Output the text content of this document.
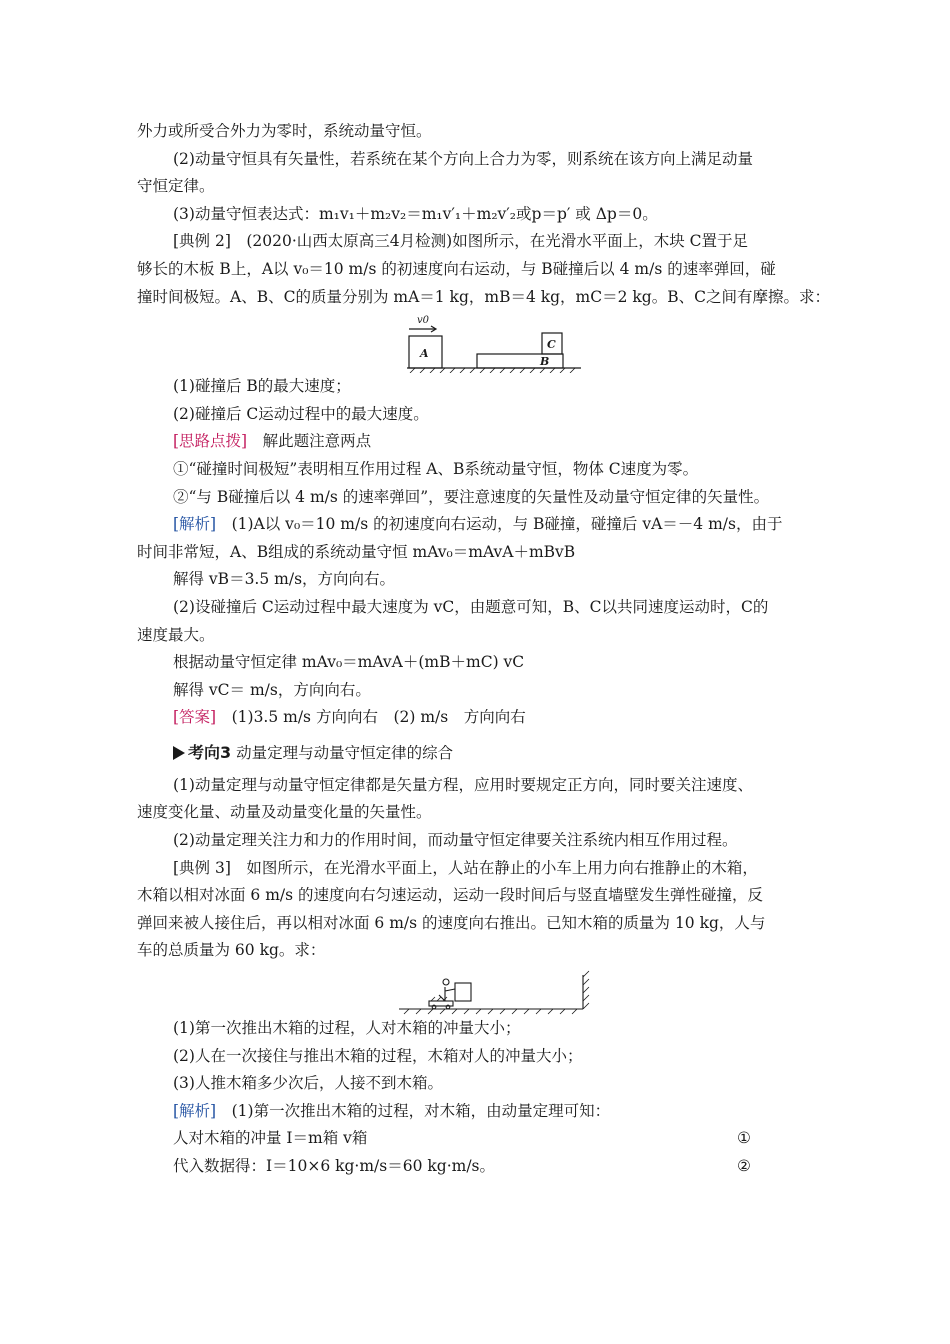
外力或所受合外力为零时，系统动量守恒。
(2)动量守恒具有矢量性，若系统在某个方向上合力为零，则系统在该方向上满足动量
守恒定律。
(3)动量守恒表达式：m₁v₁＋m₂v₂＝m₁v′₁＋m₂v′₂或p＝p′ 或 Δp＝0。
[典例 2]　(2020·山西太原高三4月检测)如图所示，在光滑水平面上，木块 C置于足
够长的木板 B上，A以 v₀＝10 m/s 的初速度向右运动，与 B碰撞后以 4 m/s 的速率弹回，碰
撞时间极短。A、B、C的质量分别为 mA＝1 kg，mB＝4 kg，mC＝2 kg。B、C之间有摩擦。求：
v0
A
B
C
(1)碰撞后 B的最大速度；
(2)碰撞后 C运动过程中的最大速度。
[思路点拨]　解此题注意两点
①“碰撞时间极短”表明相互作用过程 A、B系统动量守恒，物体 C速度为零。
②“与 B碰撞后以 4 m/s 的速率弹回”，要注意速度的矢量性及动量守恒定律的矢量性。
[解析]　(1)A以 v₀＝10 m/s 的初速度向右运动，与 B碰撞，碰撞后 vA＝－4 m/s，由于
时间非常短，A、B组成的系统动量守恒 mAv₀＝mAvA＋mBvB
解得 vB＝3.5 m/s，方向向右。
(2)设碰撞后 C运动过程中最大速度为 vC，由题意可知，B、C以共同速度运动时，C的
速度最大。
根据动量守恒定律 mAv₀＝mAvA＋(mB＋mC) vC
解得 vC＝ m/s，方向向右。
[答案]　(1)3.5 m/s 方向向右　(2) m/s　方向向右
考向3 动量定理与动量守恒定律的综合
(1)动量定理与动量守恒定律都是矢量方程，应用时要规定正方向，同时要关注速度、
速度变化量、动量及动量变化量的矢量性。
(2)动量定理关注力和力的作用时间，而动量守恒定律要关注系统内相互作用过程。
[典例 3]　如图所示，在光滑水平面上，人站在静止的小车上用力向右推静止的木箱，
木箱以相对冰面 6 m/s 的速度向右匀速运动，运动一段时间后与竖直墙壁发生弹性碰撞，反
弹回来被人接住后，再以相对冰面 6 m/s 的速度向右推出。已知木箱的质量为 10 kg，人与
车的总质量为 60 kg。求：
(1)第一次推出木箱的过程，人对木箱的冲量大小；
(2)人在一次接住与推出木箱的过程，木箱对人的冲量大小；
(3)人推木箱多少次后，人接不到木箱。
[解析]　(1)第一次推出木箱的过程，对木箱，由动量定理可知：
人对木箱的冲量 I＝m箱 v箱	①
代入数据得：I＝10×6 kg·m/s＝60 kg·m/s。	②
